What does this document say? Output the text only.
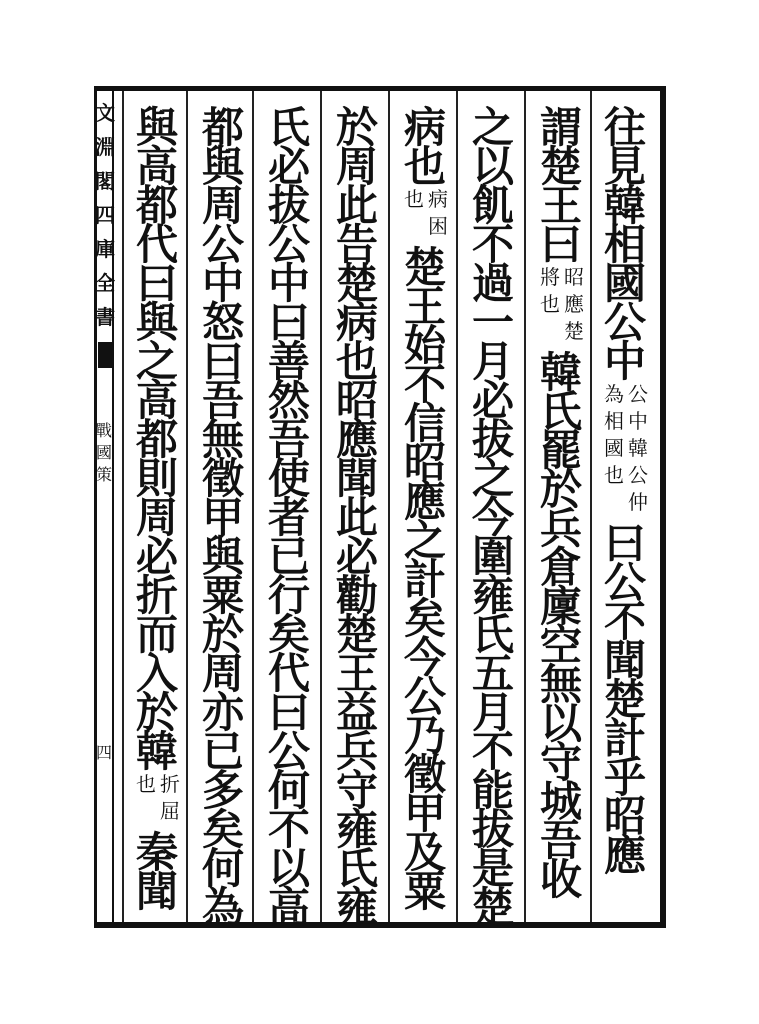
往
見
韓
相
國
公
中
公
中
韓
公
仲
為
相
國
也
曰
公
不
聞
楚
計
乎
昭
應
謂
楚
王
曰
昭
應
楚
將
也
韓
氏
罷
於
兵
倉
廩
空
無
以
守
城
吾
收
之
以
飢
不
過
一
月
必
拔
之
今
圍
雍
氏
五
月
不
能
拔
是
楚
病
也
病
困
也
楚
王
始
不
信
昭
應
之
計
矣
今
公
乃
徵
甲
及
粟
於
周
此
告
楚
病
也
昭
應
聞
此
必
勸
楚
王
益
兵
守
雍
氏
雍
氏
必
拔
公
中
曰
善
然
吾
使
者
已
行
矣
代
曰
公
何
不
以
高
都
與
周
公
中
怒
曰
吾
無
徵
甲
與
粟
於
周
亦
已
多
矣
何
為
與
高
都
代
曰
與
之
高
都
則
周
必
折
而
入
於
韓
折
屈
也
秦
聞
文
淵
閣
四
庫
全
書
戰
國
策
四
